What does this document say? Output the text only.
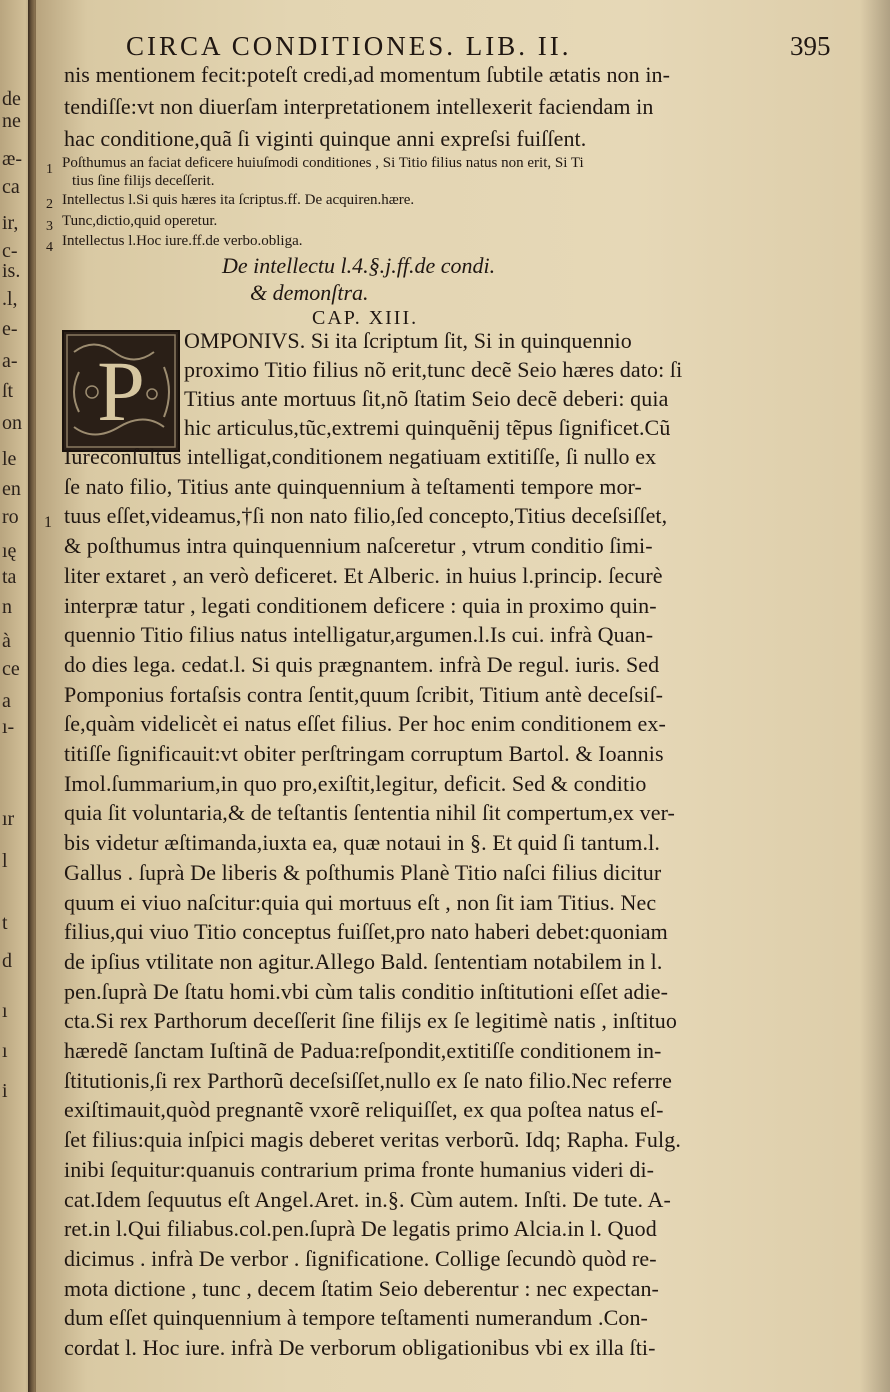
de
ne
æ-
ca
ir,
c-
is.
.l,
e-
a-
ſt
on
le
en
ro
ıę
ta
n
à
ce
a
ı-
ır
l
t
d
ı
ı
i
CIRCA CONDITIONES. LIB. II.	395
nis mentionem fecit:poteſt credi,ad momentum ſubtile ætatis non in-
tendiſſe:vt non diuerſam interpretationem intellexerit faciendam in
hac conditione,quã ſi viginti quinque anni expreſsi fuiſſent.
1 Poſthumus an faciat deficere huiuſmodi conditiones , Si Titio filius natus non erit, Si Ti
tius ſine filijs deceſſerit.
2 Intellectus l.Si quis hæres ita ſcriptus.ff. De acquiren.hære.
3 Tunc,dictio,quid operetur.
4 Intellectus l.Hoc iure.ff.de verbo.obliga.
De intellectu l.4.§.j.ff.de condi.
& demonſtra.
CAP. XIII.
P
OMPONIVS. Si ita ſcriptum ſit, Si in quinquennio
proximo Titio filius nõ erit,tunc decẽ Seio hæres dato: ſi
Titius ante mortuus ſit,nõ ſtatim Seio decẽ deberi: quia
hic articulus,tũc,extremi quinquẽnij tẽpus ſignificet.Cũ
1
Iureconſultus intelligat,conditionem negatiuam extitiſſe, ſi nullo ex
ſe nato filio, Titius ante quinquennium à teſtamenti tempore mor-
tuus eſſet,videamus,†ſi non nato filio,ſed concepto,Titius deceſsiſſet,
& poſthumus intra quinquennium naſceretur , vtrum conditio ſimi-
liter extaret , an verò deficeret. Et Alberic. in huius l.princip. ſecurè
interpræ tatur , legati conditionem deficere : quia in proximo quin-
quennio Titio filius natus intelligatur,argumen.l.Is cui. infrà Quan-
do dies lega. cedat.l. Si quis prægnantem. infrà De regul. iuris. Sed
Pomponius fortaſsis contra ſentit,quum ſcribit, Titium antè deceſsiſ-
ſe,quàm videlicèt ei natus eſſet filius. Per hoc enim conditionem ex-
titiſſe ſignificauit:vt obiter perſtringam corruptum Bartol. & Ioannis
Imol.ſummarium,in quo pro,exiſtit,legitur, deficit. Sed & conditio
quia ſit voluntaria,& de teſtantis ſententia nihil ſit compertum,ex ver-
bis videtur æſtimanda,iuxta ea, quæ notaui in §. Et quid ſi tantum.l.
Gallus . ſuprà De liberis & poſthumis Planè Titio naſci filius dicitur
quum ei viuo naſcitur:quia qui mortuus eſt , non ſit iam Titius. Nec
filius,qui viuo Titio conceptus fuiſſet,pro nato haberi debet:quoniam
de ipſius vtilitate non agitur.Allego Bald. ſententiam notabilem in l.
pen.ſuprà De ſtatu homi.vbi cùm talis conditio inſtitutioni eſſet adie-
cta.Si rex Parthorum deceſſerit ſine filijs ex ſe legitimè natis , inſtituo
hæredẽ ſanctam Iuſtinã de Padua:reſpondit,extitiſſe conditionem in-
ſtitutionis,ſi rex Parthorũ deceſsiſſet,nullo ex ſe nato filio.Nec referre
exiſtimauit,quòd pregnantẽ vxorẽ reliquiſſet, ex qua poſtea natus eſ-
ſet filius:quia inſpici magis deberet veritas verborũ. Idq; Rapha. Fulg.
inibi ſequitur:quanuis contrarium prima fronte humanius videri di-
cat.Idem ſequutus eſt Angel.Aret. in.§. Cùm autem. Inſti. De tute. A-
ret.in l.Qui filiabus.col.pen.ſuprà De legatis primo Alcia.in l. Quod
dicimus . infrà De verbor . ſignificatione. Collige ſecundò quòd re-
mota dictione , tunc , decem ſtatim Seio deberentur : nec expectan-
dum eſſet quinquennium à tempore teſtamenti numerandum .Con-
cordat l. Hoc iure. infrà De verborum obligationibus vbi ex illa ſti-
